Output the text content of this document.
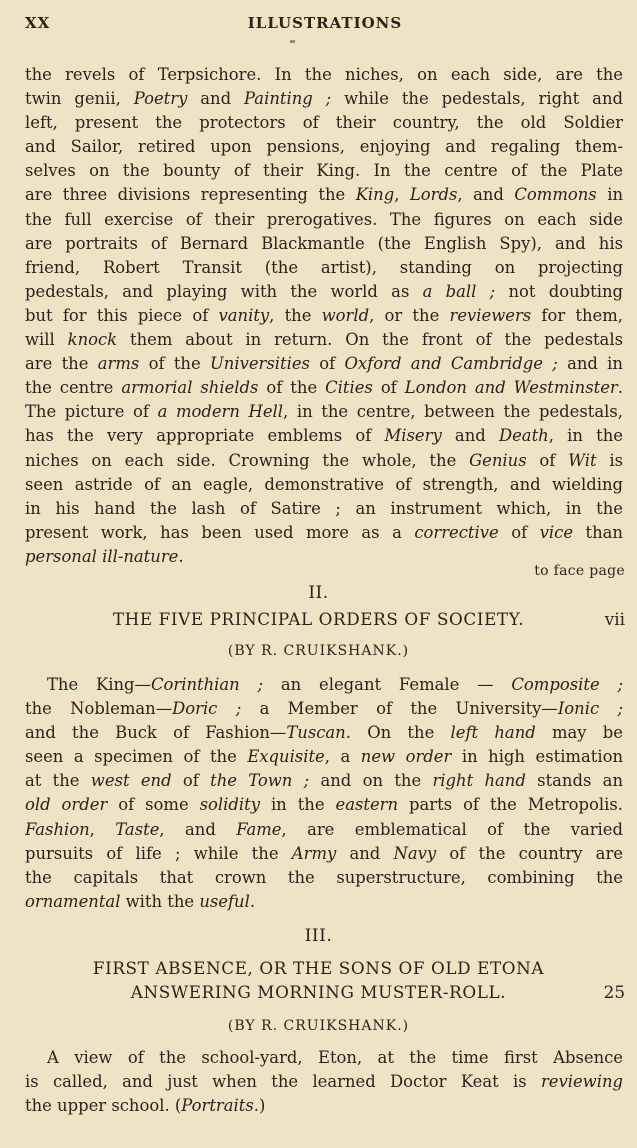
XX	ILLUSTRATIONS
the revels of Terpsichore. In the niches, on each side, are the
twin genii, Poetry and Painting ; while the pedestals, right and
left, present the protectors of their country, the old Soldier
and Sailor, retired upon pensions, enjoying and regaling them-
selves on the bounty of their King. In the centre of the Plate
are three divisions representing the King, Lords, and Commons in
the full exercise of their prerogatives. The figures on each side
are portraits of Bernard Blackmantle (the English Spy), and his
friend, Robert Transit (the artist), standing on projecting
pedestals, and playing with the world as a ball ; not doubting
but for this piece of vanity, the world, or the reviewers for them,
will knock them about in return. On the front of the pedestals
are the arms of the Universities of Oxford and Cambridge ; and in
the centre armorial shields of the Cities of London and Westminster.
The picture of a modern Hell, in the centre, between the pedestals,
has the very appropriate emblems of Misery and Death, in the
niches on each side. Crowning the whole, the Genius of Wit is
seen astride of an eagle, demonstrative of strength, and wielding
in his hand the lash of Satire ; an instrument which, in the
present work, has been used more as a corrective of vice than
personal ill-nature.
to face page
II.
THE FIVE PRINCIPAL ORDERS OF SOCIETY.	vii
(BY R. CRUIKSHANK.)
The King—Corinthian ; an elegant Female — Composite ;
the Nobleman—Doric ; a Member of the University—Ionic ;
and the Buck of Fashion—Tuscan. On the left hand may be
seen a specimen of the Exquisite, a new order in high estimation
at the west end of the Town ; and on the right hand stands an
old order of some solidity in the eastern parts of the Metropolis.
Fashion, Taste, and Fame, are emblematical of the varied
pursuits of life ; while the Army and Navy of the country are
the capitals that crown the superstructure, combining the
ornamental with the useful.
III.
FIRST ABSENCE, OR THE SONS OF OLD ETONA
ANSWERING MORNING MUSTER-ROLL.	25
(BY R. CRUIKSHANK.)
A view of the school-yard, Eton, at the time first Absence
is called, and just when the learned Doctor Keat is reviewing
the upper school. (Portraits.)
